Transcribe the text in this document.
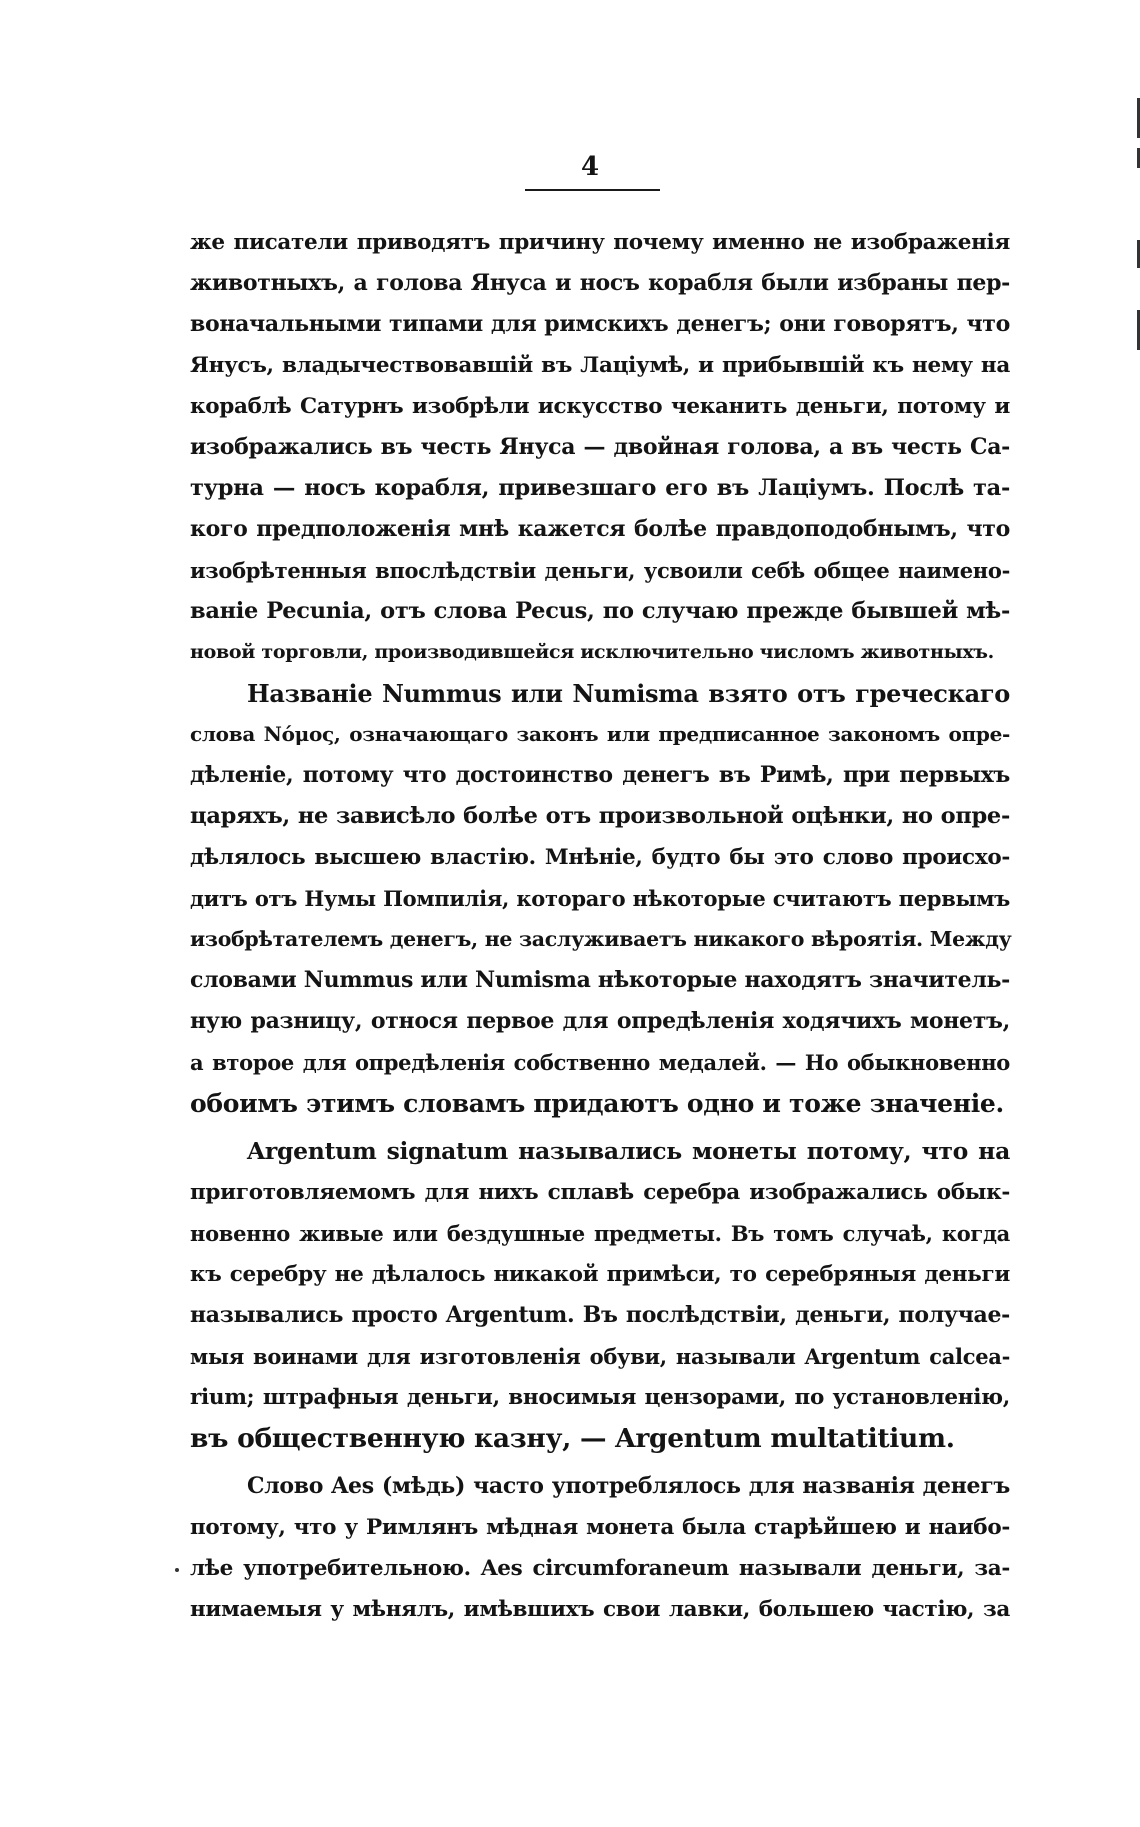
4
же писатели приводятъ причину почему именно не изображенія
животныхъ, а голова Януса и носъ корабля были избраны пер-
воначальными типами для римскихъ денегъ; они говорятъ, что
Янусъ, владычествовавшій въ Лаціумѣ, и прибывшій къ нему на
кораблѣ Сатурнъ изобрѣли искусство чеканить деньги, потому и
изображались въ честь Януса — двойная голова, а въ честь Са-
турна — носъ корабля, привезшаго его въ Лаціумъ. Послѣ та-
кого предположенія мнѣ кажется болѣе правдоподобнымъ, что
изобрѣтенныя впослѣдствіи деньги, усвоили себѣ общее наимено-
ваніе Pecunia, отъ слова Pecus, по случаю прежде бывшей мѣ-
новой торговли, производившейся исключительно числомъ животныхъ.
Названіе Nummus или Numisma взято отъ греческаго
слова Nόμος, означающаго законъ или предписанное закономъ опре-
дѣленіе, потому что достоинство денегъ въ Римѣ, при первыхъ
царяхъ, не зависѣло болѣе отъ произвольной оцѣнки, но опре-
дѣлялось высшею властію. Мнѣніе, будто бы это слово происхо-
дитъ отъ Нумы Помпилія, котораго нѣкоторые считаютъ первымъ
изобрѣтателемъ денегъ, не заслуживаетъ никакого вѣроятія. Между
словами Nummus или Numisma нѣкоторые находятъ значитель-
ную разницу, относя первое для опредѣленія ходячихъ монетъ,
а второе для опредѣленія собственно медалей. — Но обыкновенно
обоимъ этимъ словамъ придаютъ одно и тоже значеніе.
Argentum signatum назывались монеты потому, что на
приготовляемомъ для нихъ сплавѣ серебра изображались обык-
новенно живые или бездушные предметы. Въ томъ случаѣ, когда
къ серебру не дѣлалось никакой примѣси, то серебряныя деньги
назывались просто Argentum. Въ послѣдствіи, деньги, получае-
мыя воинами для изготовленія обуви, называли Argentum calcea-
rium; штрафныя деньги, вносимыя цензорами, по установленію,
въ общественную казну, — Argentum multatitium.
Слово Aes (мѣдь) часто употреблялось для названія денегъ
потому, что у Римлянъ мѣдная монета была старѣйшею и наибо-
лѣе употребительною. Aes circumforaneum называли деньги, за-
нимаемыя у мѣнялъ, имѣвшихъ свои лавки, большею частію, за
